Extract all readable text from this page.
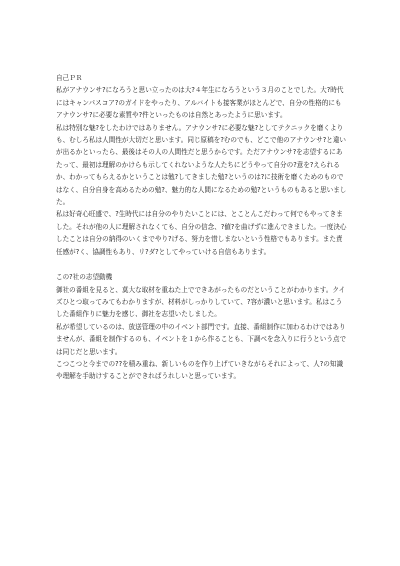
自己ＰＲ

私がアナウンサ?になろうと思い立ったのは大?４年生になろうという３月のことでした。大?時代にはキャンパスコア?のガイドをやったり、アルバイトも接客業がほとんどで、自分の性格的にもアナウンサ?に必要な素質や?件といったものは自然とあったように思います。

私は特別な魅?をしたわけではありません。アナウンサ?に必要な魅?としてテクニックを磨くよりも、むしろ私は人間性が大切だと思います。同じ原稿を?むのでも、どこで他のアナウンサ?と違いが出るかといったら、最後はその人の人間性だと思うからです。ただアナウンサ?を志望するにあたって、最初は理解のかけらも示してくれないような人たちにどうやって自分の?意を?えられるか、わかってもらえるかということは勉?してきました勉?というのは?に技術を磨くためのものではなく、自分自身を高めるための勉?、魅力的な人間になるための勉?というものもあると思いました。

私は好奇心旺盛で、?生時代には自分のやりたいことには、とことんこだわって何でもやってきました。それが他の人に理解されなくても、自分の信念、?値?を曲げずに進んできました。一度決心したことは自分の納得のいくまでやり?げる、努力を惜しまないという性格でもあります。また責任感が?く、協調性もあり、リ?ダ?としてやっていける自信もあります。

この?社の志望動機

御社の番組を見ると、莫大な取材を重ねた上でできあがったものだということがわかります。クイズひとつ取ってみてもわかりますが、材料がしっかりしていて、?容が濃いと思います。私はこうした番組作りに魅力を感じ、御社を志望いたしました。

私が希望しているのは、放送管理の中のイベント部門です。直接、番組制作に加わるわけではありませんが、番組を制作するのも、イベントを１から作ることも、下調べを念入りに行うという点では同じだと思います。

こつこつと今までの??を積み重ね、新しいものを作り上げていきながらそれによって、人?の知識や理解を手助けすることができればうれしいと思っています。
